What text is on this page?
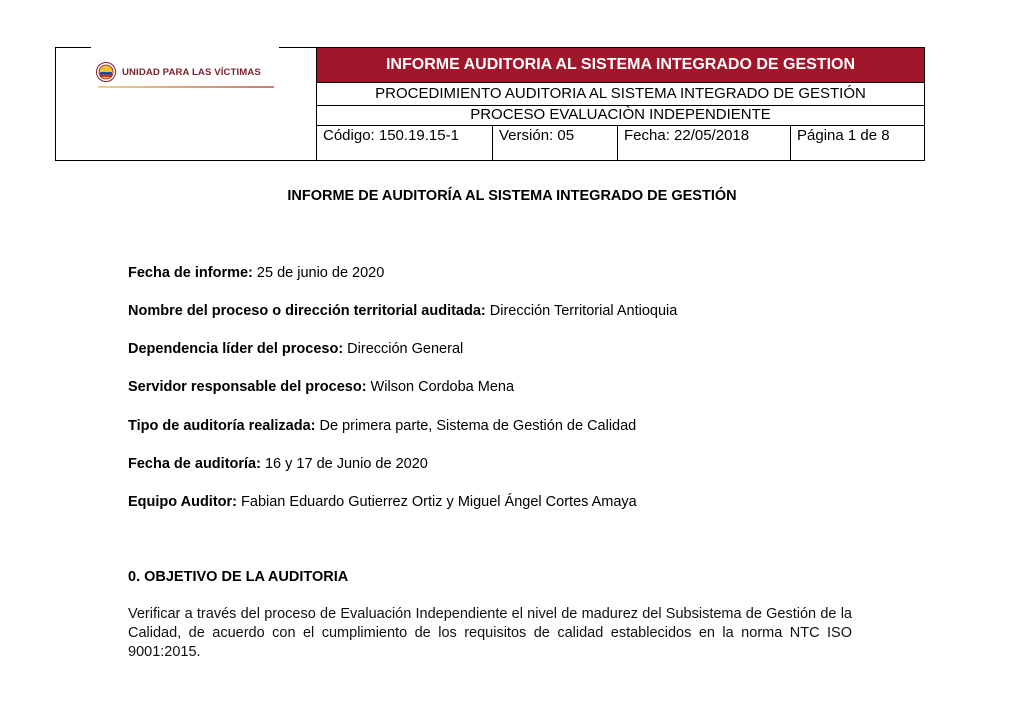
UNIDAD PARA LAS VÍCTIMAS	INFORME AUDITORIA AL SISTEMA INTEGRADO DE GESTION
PROCEDIMIENTO AUDITORIA AL SISTEMA INTEGRADO DE GESTIÓN
PROCESO EVALUACIÒN INDEPENDIENTE
Código: 150.19.15-1	Versión: 05	Fecha: 22/05/2018	Página 1 de 8
INFORME DE AUDITORÍA AL SISTEMA INTEGRADO DE GESTIÓN
Fecha de informe: 25 de junio de 2020
Nombre del proceso o dirección territorial auditada: Dirección Territorial Antioquia
Dependencia líder del proceso: Dirección General
Servidor responsable del proceso: Wilson Cordoba Mena
Tipo de auditoría realizada: De primera parte, Sistema de Gestión de Calidad
Fecha de auditoría: 16 y 17 de Junio de 2020
Equipo Auditor: Fabian Eduardo Gutierrez Ortiz y Miguel Ángel Cortes Amaya
0. OBJETIVO DE LA AUDITORIA
Verificar a través del proceso de Evaluación Independiente el nivel de madurez del Subsistema de Gestión de la Calidad, de acuerdo con el cumplimiento de los requisitos de calidad establecidos en la norma NTC ISO 9001:2015.
